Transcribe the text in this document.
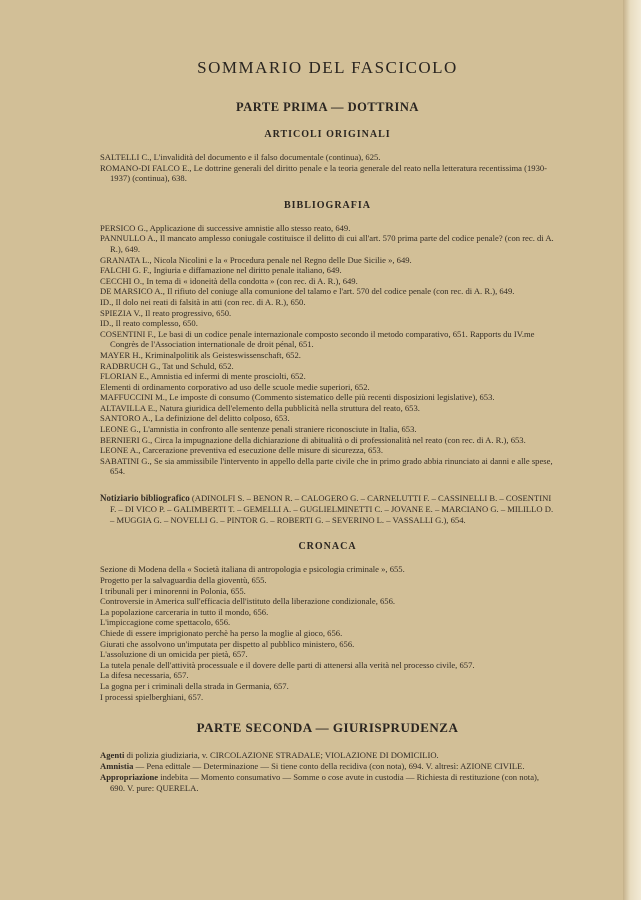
SOMMARIO DEL FASCICOLO
PARTE PRIMA — DOTTRINA
ARTICOLI ORIGINALI
SALTELLI C., L'invalidità del documento e il falso documentale (continua), 625.
ROMANO-DI FALCO E., Le dottrine generali del diritto penale e la teoria generale del reato nella letteratura recentissima (1930-1937) (continua), 638.
BIBLIOGRAFIA
PERSICO G., Applicazione di successive amnistie allo stesso reato, 649.
PANNULLO A., Il mancato amplesso coniugale costituisce il delitto di cui all'art. 570 prima parte del codice penale? (con rec. di A. R.), 649.
GRANATA L., Nicola Nicolini e la « Procedura penale nel Regno delle Due Sicilie », 649.
FALCHI G. F., Ingiuria e diffamazione nel diritto penale italiano, 649.
CECCHI O., In tema di « idoneità della condotta » (con rec. di A. R.), 649.
DE MARSICO A., Il rifiuto del coniuge alla comunione del talamo e l'art. 570 del codice penale (con rec. di A. R.), 649.
ID., Il dolo nei reati di falsità in atti (con rec. di A. R.), 650.
SPIEZIA V., Il reato progressivo, 650.
ID., Il reato complesso, 650.
COSENTINI F., Le basi di un codice penale internazionale composto secondo il metodo comparativo, 651. Rapports du IV.me Congrès de l'Association internationale de droit pénal, 651.
MAYER H., Kriminalpolitik als Geisteswissenschaft, 652.
RADBRUCH G., Tat und Schuld, 652.
FLORIAN E., Amnistia ed infermi di mente prosciolti, 652.
Elementi di ordinamento corporativo ad uso delle scuole medie superiori, 652.
MAFFUCCINI M., Le imposte di consumo (Commento sistematico delle più recenti disposizioni legislative), 653.
ALTAVILLA E., Natura giuridica dell'elemento della pubblicità nella struttura del reato, 653.
SANTORO A., La definizione del delitto colposo, 653.
LEONE G., L'amnistia in confronto alle sentenze penali straniere riconosciute in Italia, 653.
BERNIERI G., Circa la impugnazione della dichiarazione di abitualità o di professionalità nel reato (con rec. di A. R.), 653.
LEONE A., Carcerazione preventiva ed esecuzione delle misure di sicurezza, 653.
SABATINI G., Se sia ammissibile l'intervento in appello della parte civile che in primo grado abbia rinunciato ai danni e alle spese, 654.
Notiziario bibliografico (ADINOLFI S. – BENON R. – CALOGERO G. – CARNELUTTI F. – CASSINELLI B. – COSENTINI F. – DI VICO P. – GALIMBERTI T. – GEMELLI A. – GUGLIELMINETTI C. – JOVANE E. – MARCIANO G. – MILILLO D. – MUGGIA G. – NOVELLI G. – PINTOR G. – ROBERTI G. – SEVERINO L. – VASSALLI G.), 654.
CRONACA
Sezione di Modena della « Società italiana di antropologia e psicologia criminale », 655.
Progetto per la salvaguardia della gioventù, 655.
I tribunali per i minorenni in Polonia, 655.
Controversie in America sull'efficacia dell'istituto della liberazione condizionale, 656.
La popolazione carceraria in tutto il mondo, 656.
L'impiccagione come spettacolo, 656.
Chiede di essere imprigionato perchè ha perso la moglie al gioco, 656.
Giurati che assolvono un'imputata per dispetto al pubblico ministero, 656.
L'assoluzione di un omicida per pietà, 657.
La tutela penale dell'attività processuale e il dovere delle parti di attenersi alla verità nel processo civile, 657.
La difesa necessaria, 657.
La gogna per i criminali della strada in Germania, 657.
I processi spielberghiani, 657.
PARTE SECONDA — GIURISPRUDENZA
Agenti di polizia giudiziaria, v. CIRCOLAZIONE STRADALE; VIOLAZIONE DI DOMICILIO.
Amnistia — Pena edittale — Determinazione — Si tiene conto della recidiva (con nota), 694. V. altresì: AZIONE CIVILE.
Appropriazione indebita — Momento consumativo — Somme o cose avute in custodia — Richiesta di restituzione (con nota), 690. V. pure: QUERELA.
